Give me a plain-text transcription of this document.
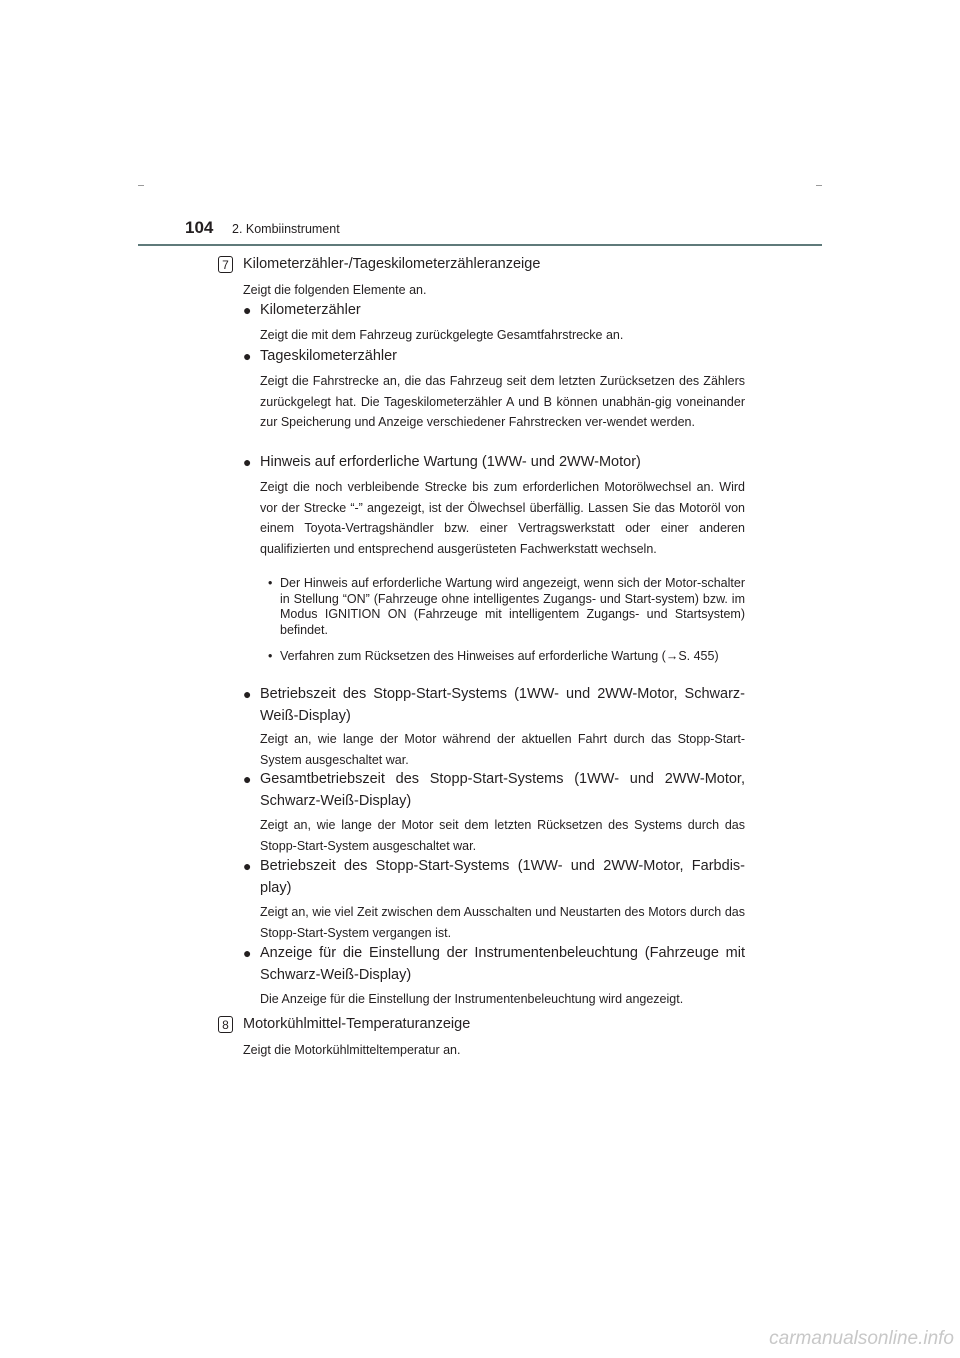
104 2. Kombiinstrument
7 Kilometerzähler-/Tageskilometerzähleranzeige
Zeigt die folgenden Elemente an.
● Kilometerzähler
Zeigt die mit dem Fahrzeug zurückgelegte Gesamtfahrstrecke an.
● Tageskilometerzähler
Zeigt die Fahrstrecke an, die das Fahrzeug seit dem letzten Zurücksetzen des Zählers zurückgelegt hat. Die Tageskilometerzähler A und B können unabhän-gig voneinander zur Speicherung und Anzeige verschiedener Fahrstrecken ver-wendet werden.
● Hinweis auf erforderliche Wartung (1WW- und 2WW-Motor)
Zeigt die noch verbleibende Strecke bis zum erforderlichen Motorölwechsel an. Wird vor der Strecke “-” angezeigt, ist der Ölwechsel überfällig. Lassen Sie das Motoröl von einem Toyota-Vertragshändler bzw. einer Vertragswerkstatt oder einer anderen qualifizierten und entsprechend ausgerüsteten Fachwerkstatt wechseln.
• Der Hinweis auf erforderliche Wartung wird angezeigt, wenn sich der Motor-schalter in Stellung “ON” (Fahrzeuge ohne intelligentes Zugangs- und Start-system) bzw. im Modus IGNITION ON (Fahrzeuge mit intelligentem Zugangs- und Startsystem) befindet.
• Verfahren zum Rücksetzen des Hinweises auf erforderliche Wartung (→S. 455)
● Betriebszeit des Stopp-Start-Systems (1WW- und 2WW-Motor, Schwarz-Weiß-Display)
Zeigt an, wie lange der Motor während der aktuellen Fahrt durch das Stopp-Start-System ausgeschaltet war.
● Gesamtbetriebszeit des Stopp-Start-Systems (1WW- und 2WW-Motor, Schwarz-Weiß-Display)
Zeigt an, wie lange der Motor seit dem letzten Rücksetzen des Systems durch das Stopp-Start-System ausgeschaltet war.
● Betriebszeit des Stopp-Start-Systems (1WW- und 2WW-Motor, Farbdis-play)
Zeigt an, wie viel Zeit zwischen dem Ausschalten und Neustarten des Motors durch das Stopp-Start-System vergangen ist.
● Anzeige für die Einstellung der Instrumentenbeleuchtung (Fahrzeuge mit Schwarz-Weiß-Display)
Die Anzeige für die Einstellung der Instrumentenbeleuchtung wird angezeigt.
8 Motorkühlmittel-Temperaturanzeige
Zeigt die Motorkühlmitteltemperatur an.
carmanualsonline.info
